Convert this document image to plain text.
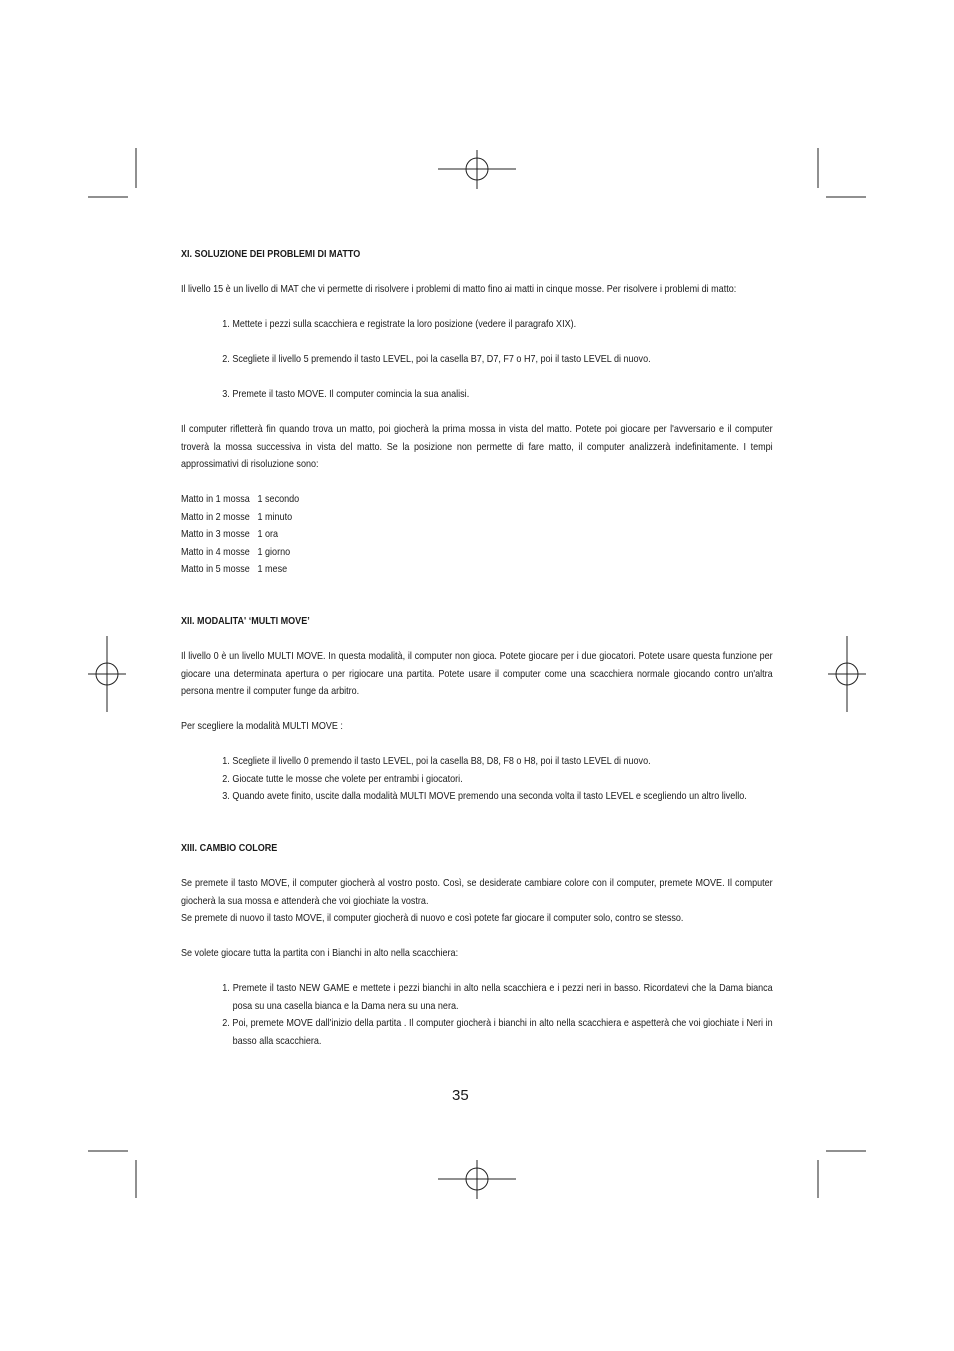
XI. SOLUZIONE DEI PROBLEMI DI MATTO

Il livello 15 è un livello di MAT che vi permette di risolvere i problemi di matto fino ai matti in cinque mosse. Per risolvere i problemi di matto:

1. Mettete i pezzi sulla scacchiera e registrate la loro posizione (vedere il paragrafo XIX).

2. Scegliete il livello 5 premendo il tasto LEVEL, poi la casella B7, D7, F7 o H7, poi il tasto LEVEL di nuovo.

3. Premete il tasto MOVE. Il computer comincia la sua analisi.

Il computer rifletterà fin quando trova un matto, poi giocherà la prima mossa in vista del matto. Potete poi giocare per l'avversario e il computer troverà la mossa successiva in vista del matto. Se la posizione non permette di fare matto, il computer analizzerà indefinitamente. I tempi approssimativi di risoluzione sono:

Matto in 1 mossa	1 secondo
Matto in 2 mosse	1 minuto
Matto in 3 mosse	1 ora
Matto in 4 mosse	1 giorno
Matto in 5 mosse	1 mese

XII. MODALITA' ‘MULTI MOVE’

Il livello 0 è un livello MULTI MOVE. In questa modalità, il computer non gioca. Potete giocare per i due giocatori. Potete usare questa funzione per giocare una determinata apertura o per rigiocare una partita. Potete usare il computer come una scacchiera normale giocando contro un'altra persona mentre il computer funge da arbitro.

Per scegliere la modalità MULTI MOVE :

1. Scegliete il livello 0 premendo il tasto LEVEL, poi la casella B8, D8, F8 o H8, poi il tasto LEVEL di nuovo.

2. Giocate tutte le mosse che volete per entrambi i giocatori.

3. Quando avete finito, uscite dalla modalità MULTI MOVE premendo una seconda volta il tasto LEVEL e scegliendo un altro livello.

XIII. CAMBIO COLORE

Se premete il tasto MOVE, il computer giocherà al vostro posto. Così, se desiderate cambiare colore con il computer, premete MOVE. Il computer giocherà la sua mossa e attenderà che voi giochiate la vostra.

Se premete di nuovo il tasto MOVE, il computer giocherà di nuovo e così potete far giocare il computer solo, contro se stesso.

Se volete giocare tutta la partita con i Bianchi in alto nella scacchiera:

1. Premete il tasto NEW GAME e mettete i pezzi bianchi in alto nella scacchiera e i pezzi neri in basso. Ricordatevi che la Dama bianca posa su una casella bianca e la Dama nera su una nera.

2. Poi, premete MOVE dall'inizio della partita . Il computer giocherà i bianchi in alto nella scacchiera e aspetterà che voi giochiate i Neri in basso alla scacchiera.

35
